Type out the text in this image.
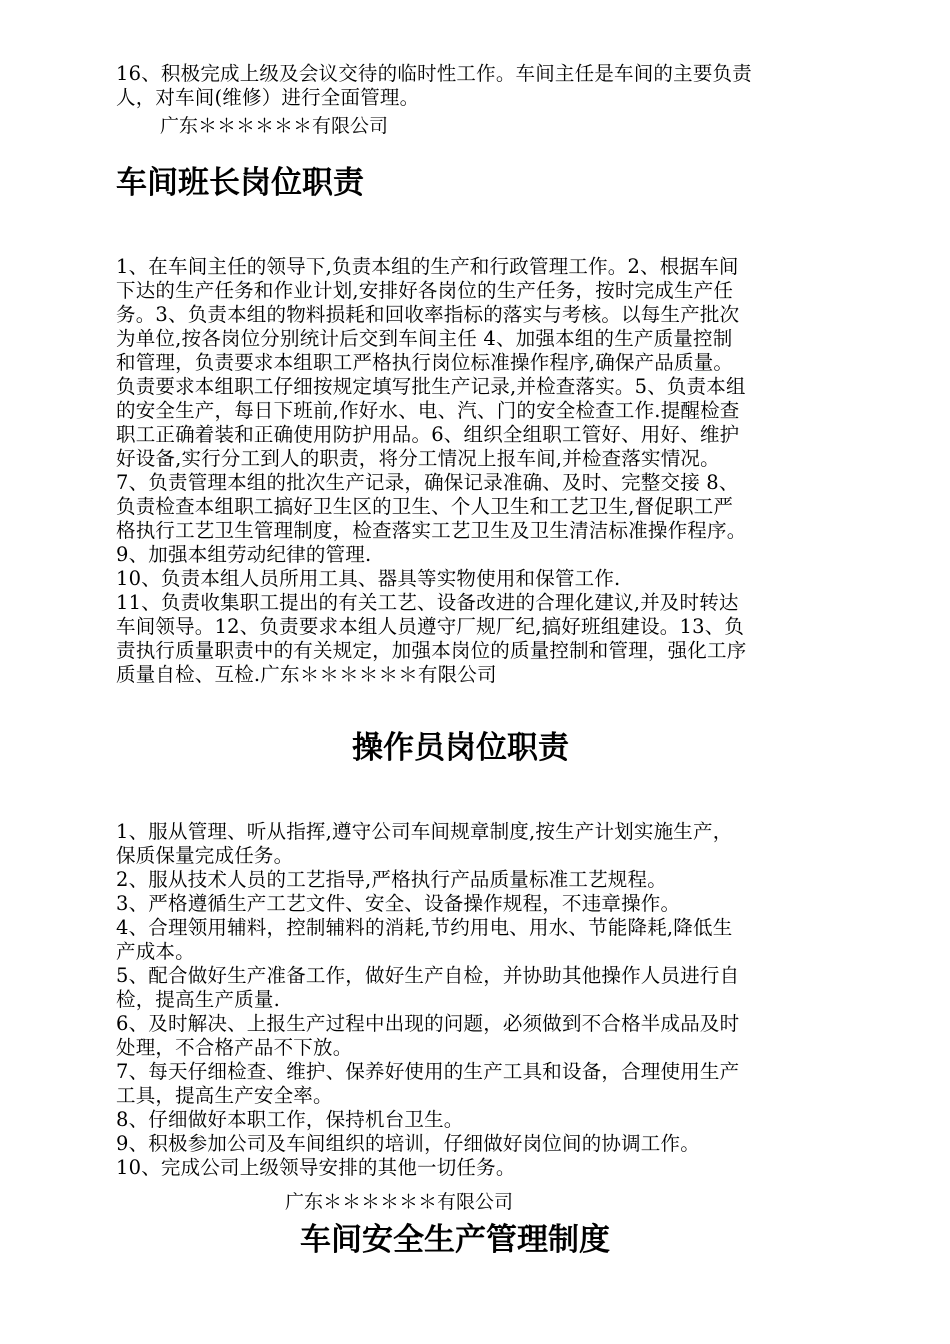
16、积极完成上级及会议交待的临时性工作。车间主任是车间的主要负责
人，对车间(维修）进行全面管理。
广东＊＊＊＊＊＊有限公司
车间班长岗位职责
1、在车间主任的领导下,负责本组的生产和行政管理工作。2、根据车间
下达的生产任务和作业计划,安排好各岗位的生产任务，按时完成生产任
务。3、负责本组的物料损耗和回收率指标的落实与考核。以每生产批次
为单位,按各岗位分别统计后交到车间主任 4、加强本组的生产质量控制
和管理，负责要求本组职工严格执行岗位标准操作程序,确保产品质量。
负责要求本组职工仔细按规定填写批生产记录,并检查落实。5、负责本组
的安全生产，每日下班前,作好水、电、汽、门的安全检查工作.提醒检查
职工正确着装和正确使用防护用品。6、组织全组职工管好、用好、维护
好设备,实行分工到人的职责，将分工情况上报车间,并检查落实情况。
7、负责管理本组的批次生产记录，确保记录准确、及时、完整交接 8、
负责检查本组职工搞好卫生区的卫生、个人卫生和工艺卫生,督促职工严
格执行工艺卫生管理制度，检查落实工艺卫生及卫生清洁标准操作程序。
9、加强本组劳动纪律的管理.
10、负责本组人员所用工具、器具等实物使用和保管工作.
11、负责收集职工提出的有关工艺、设备改进的合理化建议,并及时转达
车间领导。12、负责要求本组人员遵守厂规厂纪,搞好班组建设。13、负
责执行质量职责中的有关规定，加强本岗位的质量控制和管理，强化工序
质量自检、互检.广东＊＊＊＊＊＊有限公司
操作员岗位职责
1、服从管理、听从指挥,遵守公司车间规章制度,按生产计划实施生产，
保质保量完成任务。
2、服从技术人员的工艺指导,严格执行产品质量标准工艺规程。
3、严格遵循生产工艺文件、安全、设备操作规程，不违章操作。
4、合理领用辅料，控制辅料的消耗,节约用电、用水、节能降耗,降低生
产成本。
5、配合做好生产准备工作，做好生产自检，并协助其他操作人员进行自
检，提高生产质量.
6、及时解决、上报生产过程中出现的问题，必须做到不合格半成品及时
处理，不合格产品不下放。
7、每天仔细检查、维护、保养好使用的生产工具和设备，合理使用生产
工具，提高生产安全率。
8、仔细做好本职工作，保持机台卫生。
9、积极参加公司及车间组织的培训，仔细做好岗位间的协调工作。
10、完成公司上级领导安排的其他一切任务。
广东＊＊＊＊＊＊有限公司
车间安全生产管理制度
